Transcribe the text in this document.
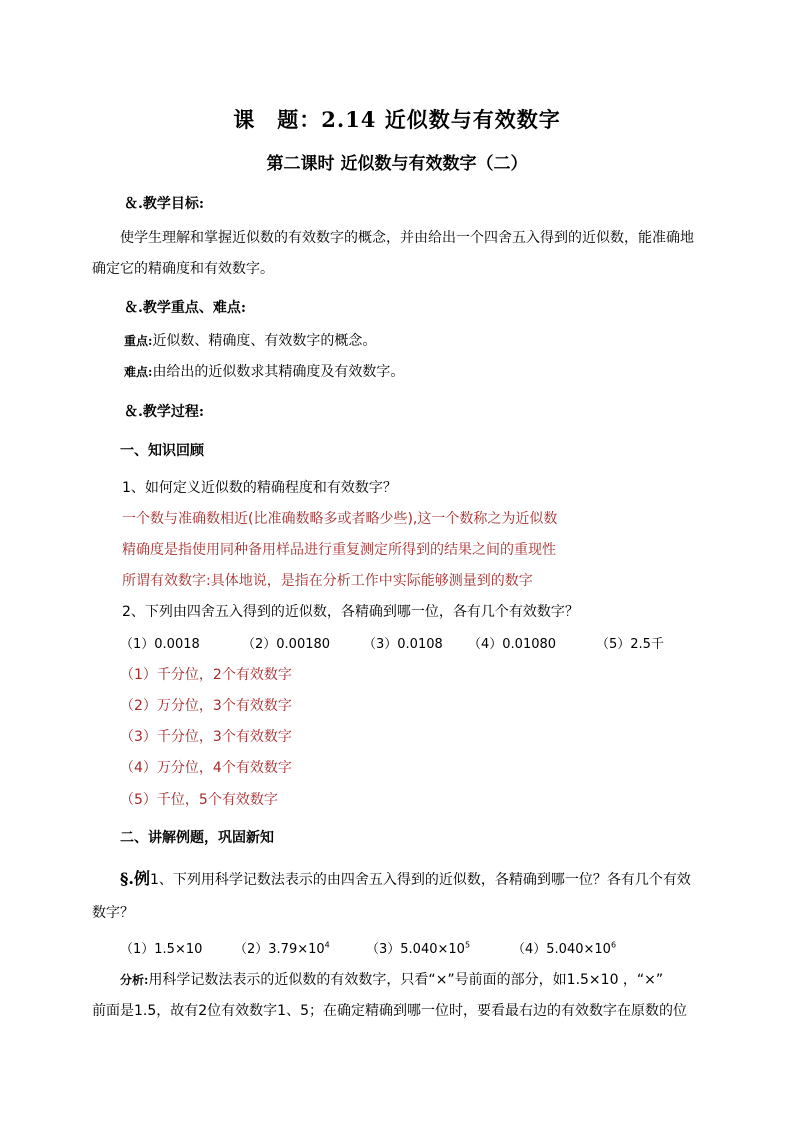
课　题：2.14 近似数与有效数字
第二课时 近似数与有效数字（二）
＆.教学目标:
使学生理解和掌握近似数的有效数字的概念，并由给出一个四舍五入得到的近似数，能准确地
确定它的精确度和有效数字。
＆.教学重点、难点:
重点:近似数、精确度、有效数字的概念。
难点:由给出的近似数求其精确度及有效数字。
＆.教学过程:
一、知识回顾
1、如何定义近似数的精确程度和有效数字？
一个数与准确数相近(比准确数略多或者略少些),这一个数称之为近似数
精确度是指使用同种备用样品进行重复测定所得到的结果之间的重现性
所谓有效数字:具体地说，是指在分析工作中实际能够测量到的数字
2、下列由四舍五入得到的近似数，各精确到哪一位，各有几个有效数字？
（1）0.0018	（2）0.00180	（3）0.0108 （4）0.01080	（5）2.5千
（1）千分位，2个有效数字
（2）万分位，3个有效数字
（3）千分位，3个有效数字
（4）万分位，4个有效数字
（5）千位，5个有效数字
二、讲解例题，巩固新知
§.例1、下列用科学记数法表示的由四舍五入得到的近似数，各精确到哪一位？各有几个有效
数字？
（1）1.5×10 $(2)3.79\times 10^4$	$(3)5.040\times 10^5$	$(4)5.040\times 10^6$
分析:用科学记数法表示的近似数的有效数字，只看“×”号前面的部分，如1.5×10 ，“×”
前面是1.5，故有2位有效数字1、5；在确定精确到哪一位时，要看最右边的有效数字在原数的位
